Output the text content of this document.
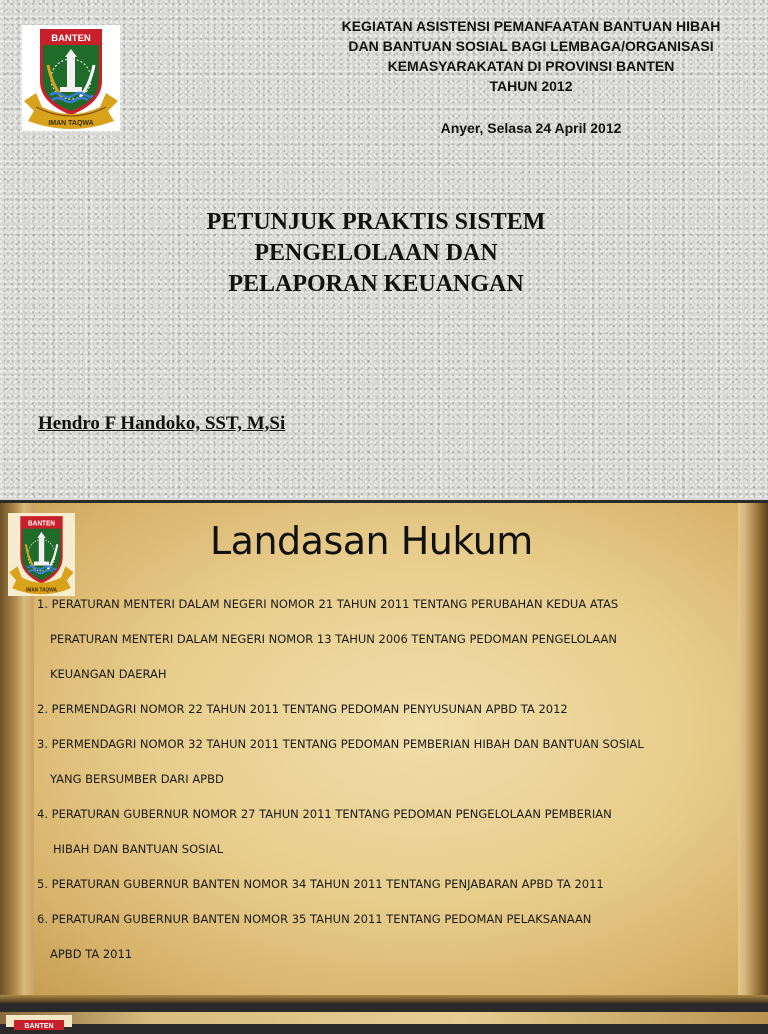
BANTEN
IMAN TAQWA
KEGIATAN ASISTENSI PEMANFAATAN BANTUAN HIBAH
DAN BANTUAN SOSIAL BAGI LEMBAGA/ORGANISASI
KEMASYARAKATAN DI PROVINSI BANTEN
TAHUN 2012
Anyer, Selasa 24 April 2012
PETUNJUK PRAKTIS SISTEM
PENGELOLAAN DAN
PELAPORAN KEUANGAN
Hendro F Handoko, SST, M,Si
BANTEN
IMAN TAQWA
Landasan Hukum
1. PERATURAN MENTERI DALAM NEGERI NOMOR 21 TAHUN 2011 TENTANG PERUBAHAN KEDUA ATAS
PERATURAN MENTERI DALAM NEGERI NOMOR 13 TAHUN 2006 TENTANG PEDOMAN PENGELOLAAN
KEUANGAN DAERAH
2. PERMENDAGRI NOMOR 22 TAHUN 2011 TENTANG PEDOMAN PENYUSUNAN APBD TA 2012
3. PERMENDAGRI NOMOR 32 TAHUN 2011 TENTANG PEDOMAN PEMBERIAN HIBAH DAN BANTUAN SOSIAL
YANG BERSUMBER DARI APBD
4. PERATURAN GUBERNUR NOMOR 27 TAHUN 2011 TENTANG PEDOMAN PENGELOLAAN PEMBERIAN
HIBAH DAN BANTUAN SOSIAL
5. PERATURAN GUBERNUR BANTEN NOMOR 34 TAHUN 2011 TENTANG PENJABARAN APBD TA 2011
6. PERATURAN GUBERNUR BANTEN NOMOR 35 TAHUN 2011 TENTANG PEDOMAN PELAKSANAAN
APBD TA 2011
BANTEN
